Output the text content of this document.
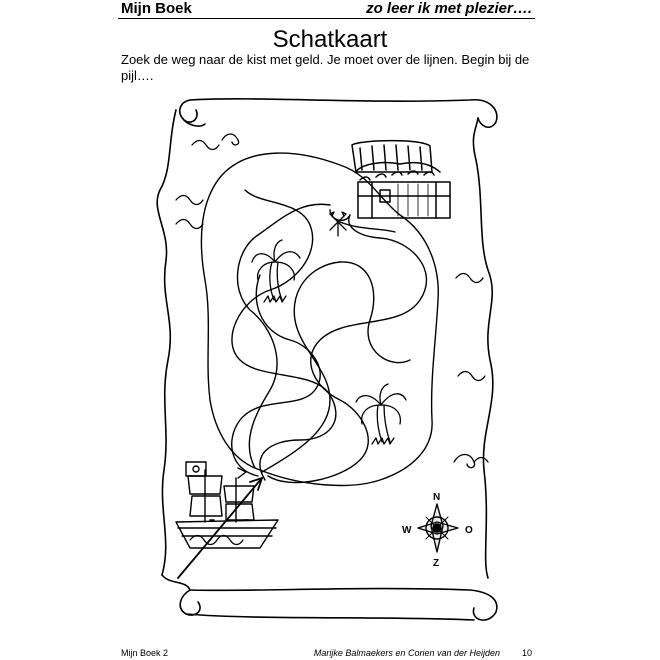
Mijn Boek	zo leer ik met plezier….
Schatkaart
Zoek de weg naar de kist met geld. Je moet over de lijnen. Begin bij de pijl….
N
W	O
Z
Mijn Boek 2	Marijke Balmaekers en Corien van der Heijden 10
